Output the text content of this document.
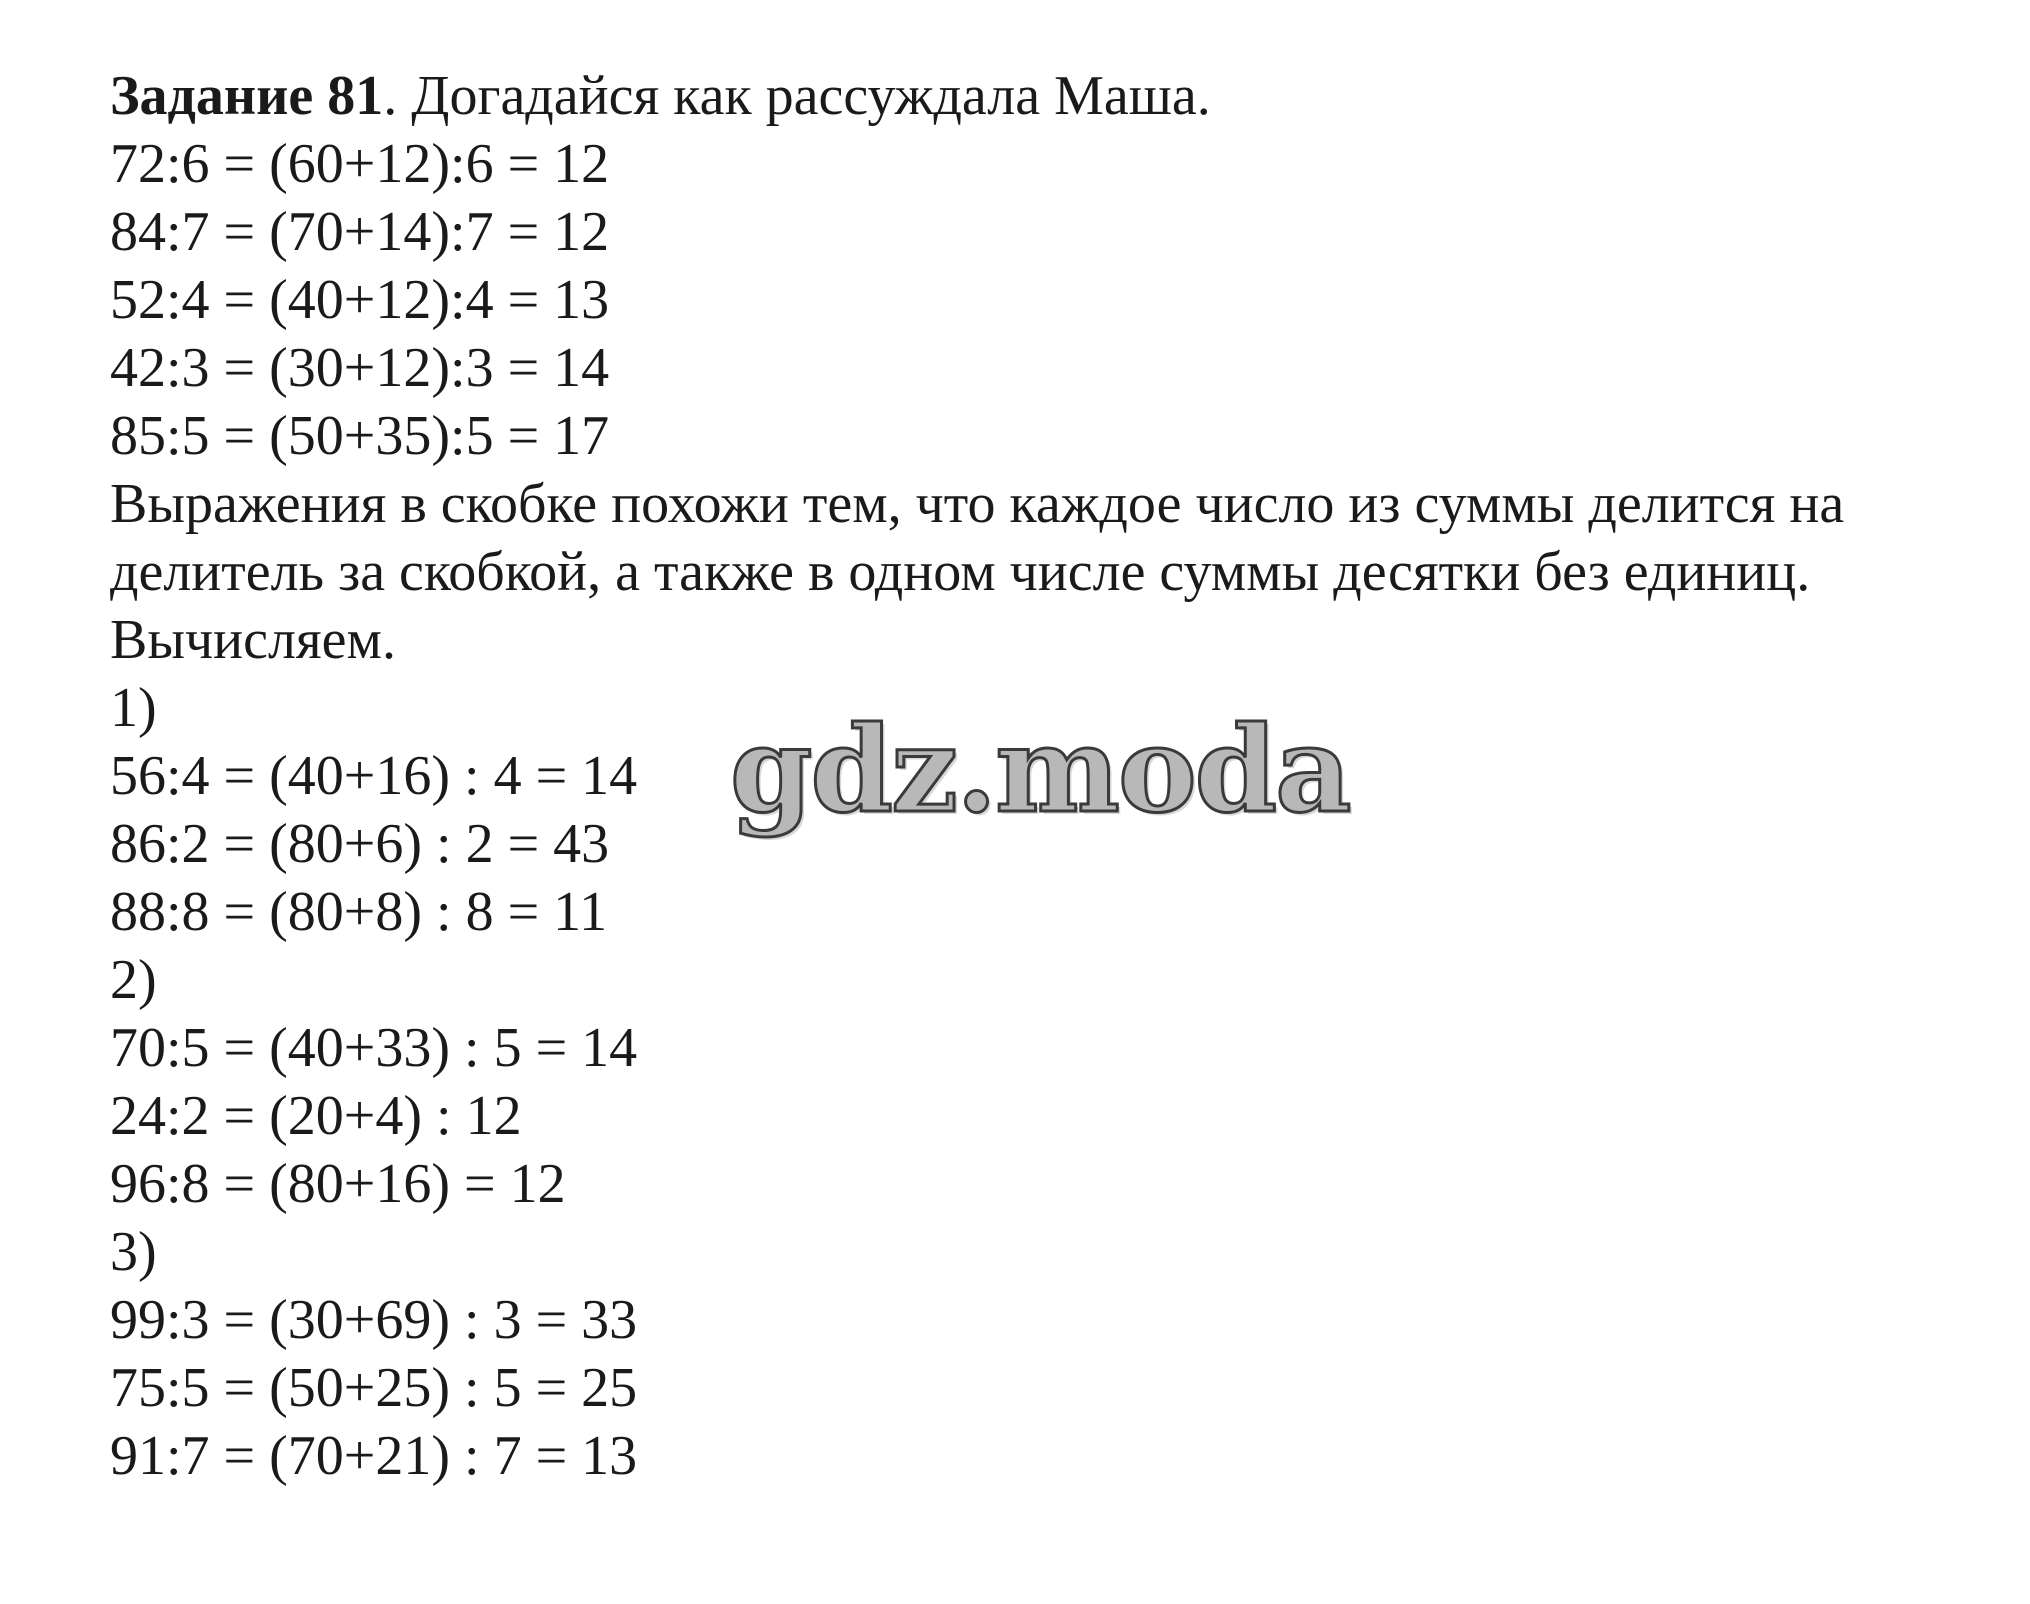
Задание 81. Догадайся как рассуждала Маша.
72:6 = (60+12):6 = 12
84:7 = (70+14):7 = 12
52:4 = (40+12):4 = 13
42:3 = (30+12):3 = 14
85:5 = (50+35):5 = 17
Выражения в скобке похожи тем, что каждое число из суммы делится на
делитель за скобкой, а также в одном числе суммы десятки без единиц.
Вычисляем.
1)
56:4 = (40+16) : 4 = 14
86:2 = (80+6) : 2 = 43
88:8 = (80+8) : 8 = 11
2)
70:5 = (40+33) : 5 = 14
24:2 = (20+4) : 12
96:8 = (80+16) = 12
3)
99:3 = (30+69) : 3 = 33
75:5 = (50+25) : 5 = 25
91:7 = (70+21) : 7 = 13
gdz.moda
